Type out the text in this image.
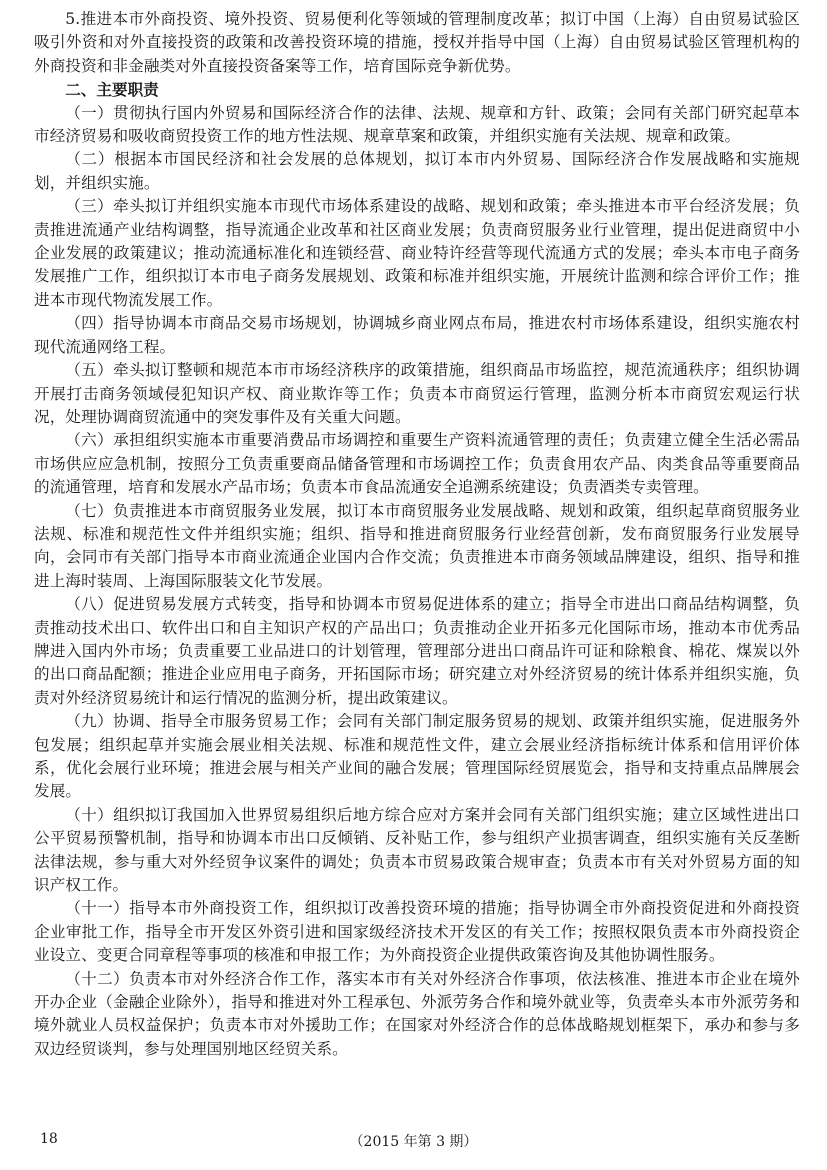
5.推进本市外商投资、境外投资、贸易便利化等领域的管理制度改革；拟订中国（上海）自由贸易试验区吸引外资和对外直接投资的政策和改善投资环境的措施，授权并指导中国（上海）自由贸易试验区管理机构的外商投资和非金融类对外直接投资备案等工作，培育国际竞争新优势。

二、主要职责

（一）贯彻执行国内外贸易和国际经济合作的法律、法规、规章和方针、政策；会同有关部门研究起草本市经济贸易和吸收商贸投资工作的地方性法规、规章草案和政策，并组织实施有关法规、规章和政策。

（二）根据本市国民经济和社会发展的总体规划，拟订本市内外贸易、国际经济合作发展战略和实施规划，并组织实施。

（三）牵头拟订并组织实施本市现代市场体系建设的战略、规划和政策；牵头推进本市平台经济发展；负责推进流通产业结构调整，指导流通企业改革和社区商业发展；负责商贸服务业行业管理，提出促进商贸中小企业发展的政策建议；推动流通标准化和连锁经营、商业特许经营等现代流通方式的发展；牵头本市电子商务发展推广工作，组织拟订本市电子商务发展规划、政策和标准并组织实施，开展统计监测和综合评价工作；推进本市现代物流发展工作。

（四）指导协调本市商品交易市场规划，协调城乡商业网点布局，推进农村市场体系建设，组织实施农村现代流通网络工程。

（五）牵头拟订整顿和规范本市市场经济秩序的政策措施，组织商品市场监控，规范流通秩序；组织协调开展打击商务领域侵犯知识产权、商业欺诈等工作；负责本市商贸运行管理，监测分析本市商贸宏观运行状况，处理协调商贸流通中的突发事件及有关重大问题。

（六）承担组织实施本市重要消费品市场调控和重要生产资料流通管理的责任；负责建立健全生活必需品市场供应应急机制，按照分工负责重要商品储备管理和市场调控工作；负责食用农产品、肉类食品等重要商品的流通管理，培育和发展水产品市场；负责本市食品流通安全追溯系统建设；负责酒类专卖管理。

（七）负责推进本市商贸服务业发展，拟订本市商贸服务业发展战略、规划和政策，组织起草商贸服务业法规、标准和规范性文件并组织实施；组织、指导和推进商贸服务行业经营创新，发布商贸服务行业发展导向，会同市有关部门指导本市商业流通企业国内合作交流；负责推进本市商务领域品牌建设，组织、指导和推进上海时装周、上海国际服装文化节发展。

（八）促进贸易发展方式转变，指导和协调本市贸易促进体系的建立；指导全市进出口商品结构调整，负责推动技术出口、软件出口和自主知识产权的产品出口；负责推动企业开拓多元化国际市场，推动本市优秀品牌进入国内外市场；负责重要工业品进口的计划管理，管理部分进出口商品许可证和除粮食、棉花、煤炭以外的出口商品配额；推进企业应用电子商务，开拓国际市场；研究建立对外经济贸易的统计体系并组织实施，负责对外经济贸易统计和运行情况的监测分析，提出政策建议。

（九）协调、指导全市服务贸易工作；会同有关部门制定服务贸易的规划、政策并组织实施，促进服务外包发展；组织起草并实施会展业相关法规、标准和规范性文件，建立会展业经济指标统计体系和信用评价体系，优化会展行业环境；推进会展与相关产业间的融合发展；管理国际经贸展览会，指导和支持重点品牌展会发展。

（十）组织拟订我国加入世界贸易组织后地方综合应对方案并会同有关部门组织实施；建立区域性进出口公平贸易预警机制，指导和协调本市出口反倾销、反补贴工作，参与组织产业损害调查，组织实施有关反垄断法律法规，参与重大对外经贸争议案件的调处；负责本市贸易政策合规审查；负责本市有关对外贸易方面的知识产权工作。

（十一）指导本市外商投资工作，组织拟订改善投资环境的措施；指导协调全市外商投资促进和外商投资企业审批工作，指导全市开发区外资引进和国家级经济技术开发区的有关工作；按照权限负责本市外商投资企业设立、变更合同章程等事项的核准和申报工作；为外商投资企业提供政策咨询及其他协调性服务。

（十二）负责本市对外经济合作工作，落实本市有关对外经济合作事项，依法核准、推进本市企业在境外开办企业（金融企业除外），指导和推进对外工程承包、外派劳务合作和境外就业等，负责牵头本市外派劳务和境外就业人员权益保护；负责本市对外援助工作；在国家对外经济合作的总体战略规划框架下，承办和参与多双边经贸谈判，参与处理国别地区经贸关系。

18	（2015 年第 3 期）
